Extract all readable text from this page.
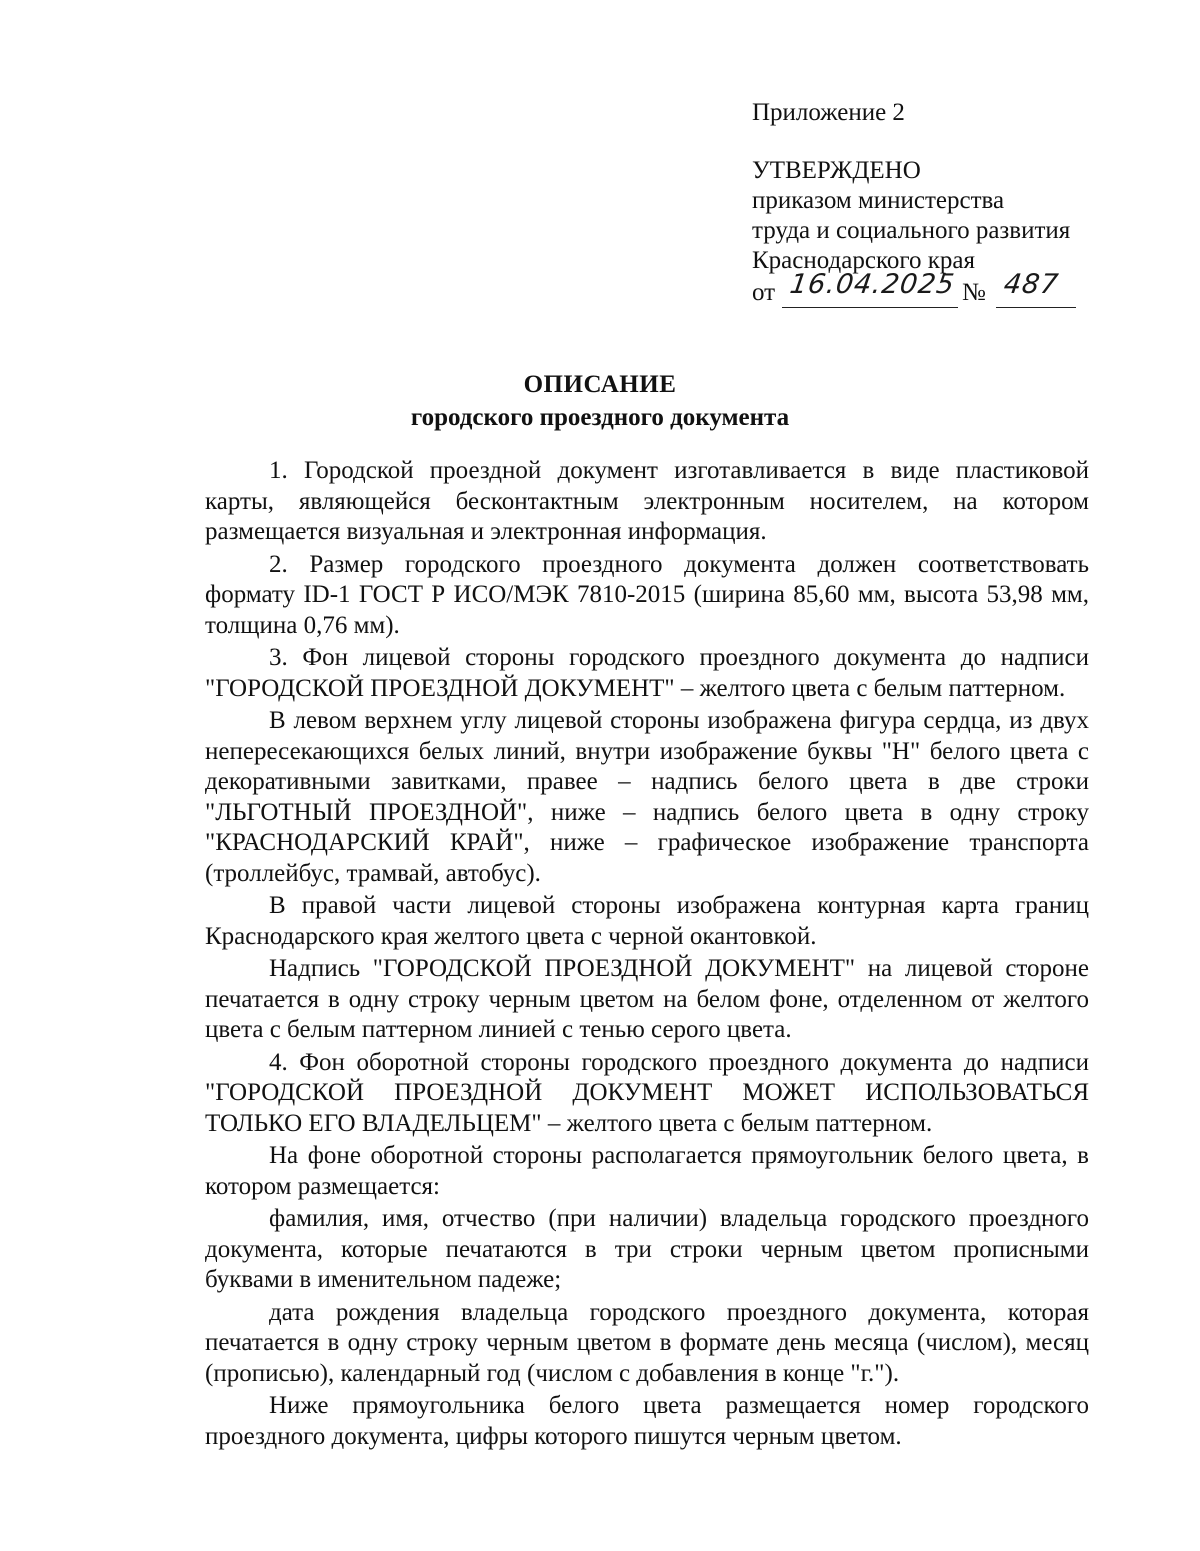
Приложение 2
УТВЕРЖДЕНО
приказом министерства
труда и социального развития
Краснодарского края
от 16.04.2025 № 487
ОПИСАНИЕ
городского проездного документа

1. Городской проездной документ изготавливается в виде пластиковой карты, являющейся бесконтактным электронным носителем, на котором размещается визуальная и электронная информация.

2. Размер городского проездного документа должен соответствовать формату ID-1 ГОСТ Р ИСО/МЭК 7810-2015 (ширина 85,60 мм, высота 53,98 мм, толщина 0,76 мм).

3. Фон лицевой стороны городского проездного документа до надписи "ГОРОДСКОЙ ПРОЕЗДНОЙ ДОКУМЕНТ" – желтого цвета с белым паттерном.

В левом верхнем углу лицевой стороны изображена фигура сердца, из двух непересекающихся белых линий, внутри изображение буквы "Н" белого цвета с декоративными завитками, правее – надпись белого цвета в две строки "ЛЬГОТНЫЙ ПРОЕЗДНОЙ", ниже – надпись белого цвета в одну строку "КРАСНОДАРСКИЙ КРАЙ", ниже – графическое изображение транспорта (троллейбус, трамвай, автобус).

В правой части лицевой стороны изображена контурная карта границ Краснодарского края желтого цвета с черной окантовкой.

Надпись "ГОРОДСКОЙ ПРОЕЗДНОЙ ДОКУМЕНТ" на лицевой стороне печатается в одну строку черным цветом на белом фоне, отделенном от желтого цвета с белым паттерном линией с тенью серого цвета.

4. Фон оборотной стороны городского проездного документа до надписи "ГОРОДСКОЙ ПРОЕЗДНОЙ ДОКУМЕНТ МОЖЕТ ИСПОЛЬЗОВАТЬСЯ ТОЛЬКО ЕГО ВЛАДЕЛЬЦЕМ" – желтого цвета с белым паттерном.

На фоне оборотной стороны располагается прямоугольник белого цвета, в котором размещается:

фамилия, имя, отчество (при наличии) владельца городского проездного документа, которые печатаются в три строки черным цветом прописными буквами в именительном падеже;

дата рождения владельца городского проездного документа, которая печатается в одну строку черным цветом в формате день месяца (числом), месяц (прописью), календарный год (числом с добавления в конце "г.").

Ниже прямоугольника белого цвета размещается номер городского проездного документа, цифры которого пишутся черным цветом.
